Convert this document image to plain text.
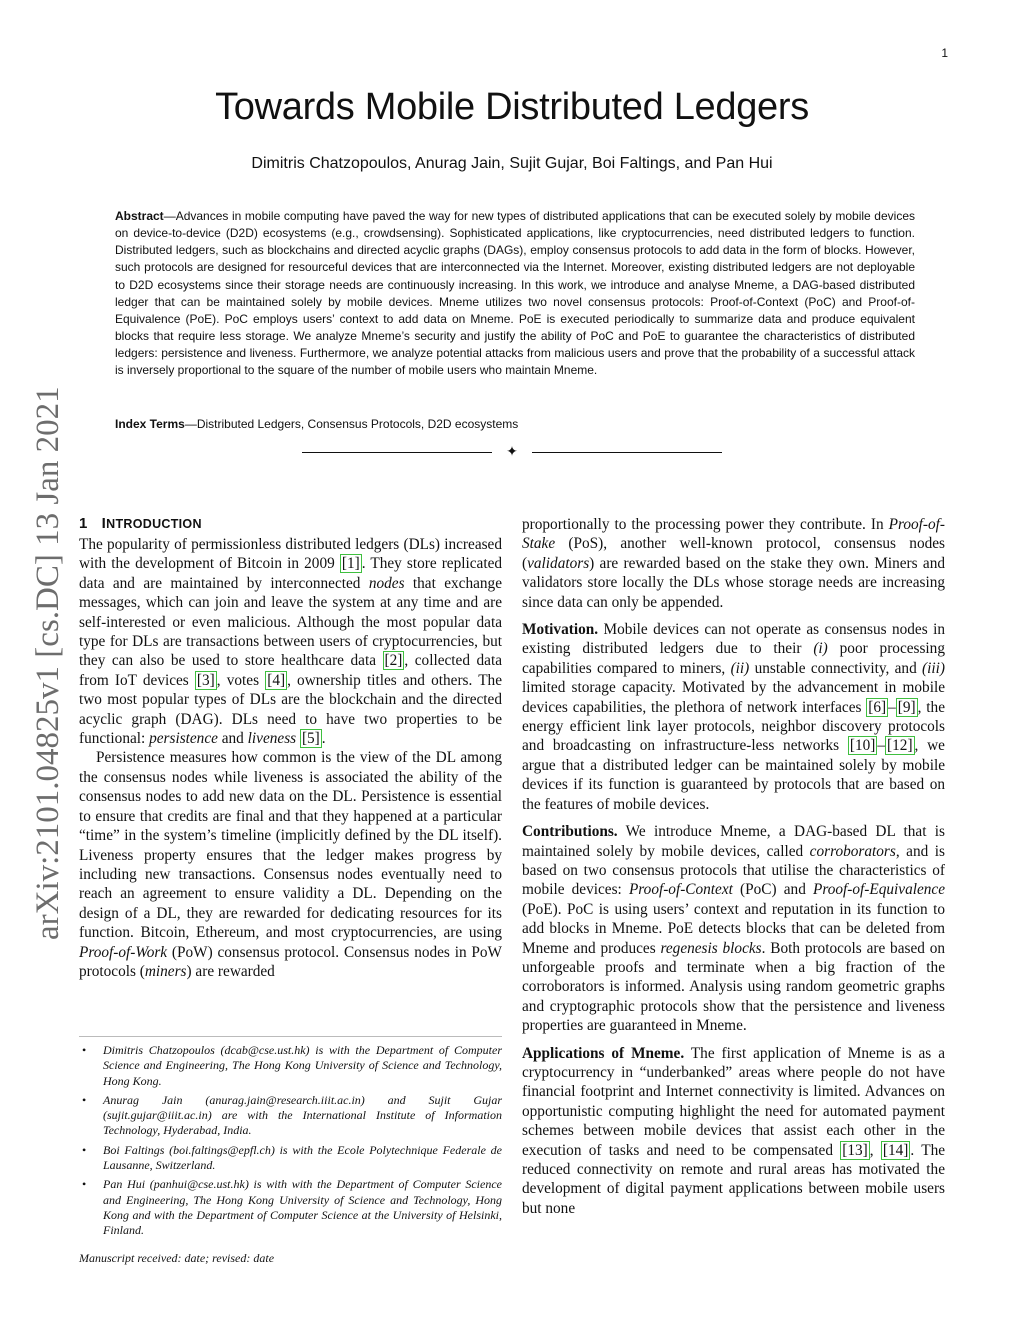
1
Towards Mobile Distributed Ledgers
Dimitris Chatzopoulos, Anurag Jain, Sujit Gujar, Boi Faltings, and Pan Hui
Abstract—Advances in mobile computing have paved the way for new types of distributed applications that can be executed solely by mobile devices on device-to-device (D2D) ecosystems (e.g., crowdsensing). Sophisticated applications, like cryptocurrencies, need distributed ledgers to function. Distributed ledgers, such as blockchains and directed acyclic graphs (DAGs), employ consensus protocols to add data in the form of blocks. However, such protocols are designed for resourceful devices that are interconnected via the Internet. Moreover, existing distributed ledgers are not deployable to D2D ecosystems since their storage needs are continuously increasing. In this work, we introduce and analyse Mneme, a DAG-based distributed ledger that can be maintained solely by mobile devices. Mneme utilizes two novel consensus protocols: Proof-of-Context (PoC) and Proof-of-Equivalence (PoE). PoC employs users’ context to add data on Mneme. PoE is executed periodically to summarize data and produce equivalent blocks that require less storage. We analyze Mneme’s security and justify the ability of PoC and PoE to guarantee the characteristics of distributed ledgers: persistence and liveness. Furthermore, we analyze potential attacks from malicious users and prove that the probability of a successful attack is inversely proportional to the square of the number of mobile users who maintain Mneme.
Index Terms—Distributed Ledgers, Consensus Protocols, D2D ecosystems
✦
arXiv:2101.04825v1 [cs.DC] 13 Jan 2021 1 INTRODUCTION

The popularity of permissionless distributed ledgers (DLs) increased with the development of Bitcoin in 2009 [1] . They store replicated data and are maintained by interconnected nodes that exchange messages, which can join and leave the system at any time and are self-interested or even malicious. Although the most popular data type for DLs are transactions between users of cryptocurrencies, but they can also be used to store healthcare data [2] , collected data from IoT devices [3] , votes [4] , ownership titles and others. The two most popular types of DLs are the blockchain and the directed acyclic graph (DAG). DLs need to have two properties to be functional: persistence and liveness [5] .

Persistence measures how common is the view of the DL among the consensus nodes while liveness is associated the ability of the consensus nodes to add new data on the DL. Persistence is essential to ensure that credits are final and that they happened at a particular “time” in the system’s timeline (implicitly defined by the DL itself). Liveness property ensures that the ledger makes progress by including new transactions. Consensus nodes eventually need to reach an agreement to ensure validity a DL. Depending on the design of a DL, they are rewarded for dedicating resources for its function. Bitcoin, Ethereum, and most cryptocurrencies, are using Proof-of-Work (PoW) consensus protocol. Consensus nodes in PoW protocols (miners) are rewarded

• Dimitris Chatzopoulos (dcab@cse.ust.hk) is with the Department of Computer Science and Engineering, The Hong Kong University of Science and Technology, Hong Kong.
• Anurag Jain (anurag.jain@research.iiit.ac.in) and Sujit Gujar (sujit.gujar@iiit.ac.in) are with the International Institute of Information Technology, Hyderabad, India.
• Boi Faltings (boi.faltings@epfl.ch) is with the Ecole Polytechnique Federale de Lausanne, Switzerland.
• Pan Hui (panhui@cse.ust.hk) is with with the Department of Computer Science and Engineering, The Hong Kong University of Science and Technology, Hong Kong and with the Department of Computer Science at the University of Helsinki, Finland.
Manuscript received: date; revised: date

proportionally to the processing power they contribute. In Proof-of-Stake (PoS), another well-known protocol, consensus nodes (validators) are rewarded based on the stake they own. Miners and validators store locally the DLs whose storage needs are increasing since data can only be appended.

Motivation. Mobile devices can not operate as consensus nodes in existing distributed ledgers due to their (i) poor processing capabilities compared to miners, (ii) unstable connectivity, and (iii) limited storage capacity. Motivated by the advancement in mobile devices capabilities, the plethora of network interfaces [6] – [9] , the energy efficient link layer protocols, neighbor discovery protocols and broadcasting on infrastructure-less networks [10] – [12] , we argue that a distributed ledger can be maintained solely by mobile devices if its function is guaranteed by protocols that are based on the features of mobile devices.

Contributions. We introduce Mneme, a DAG-based DL that is maintained solely by mobile devices, called corroborators, and is based on two consensus protocols that utilise the characteristics of mobile devices: Proof-of-Context (PoC) and Proof-of-Equivalence (PoE). PoC is using users’ context and reputation in its function to add blocks in Mneme. PoE detects blocks that can be deleted from Mneme and produces regenesis blocks. Both protocols are based on unforgeable proofs and terminate when a big fraction of the corroborators is informed. Analysis using random geometric graphs and cryptographic protocols show that the persistence and liveness properties are guaranteed in Mneme.

Applications of Mneme. The first application of Mneme is as a cryptocurrency in “underbanked” areas where people do not have financial footprint and Internet connectivity is limited. Advances on opportunistic computing highlight the need for automated payment schemes between mobile devices that assist each other in the execution of tasks and need to be compensated [13] , [14] . The reduced connectivity on remote and rural areas has motivated the development of digital payment applications between mobile users but none
